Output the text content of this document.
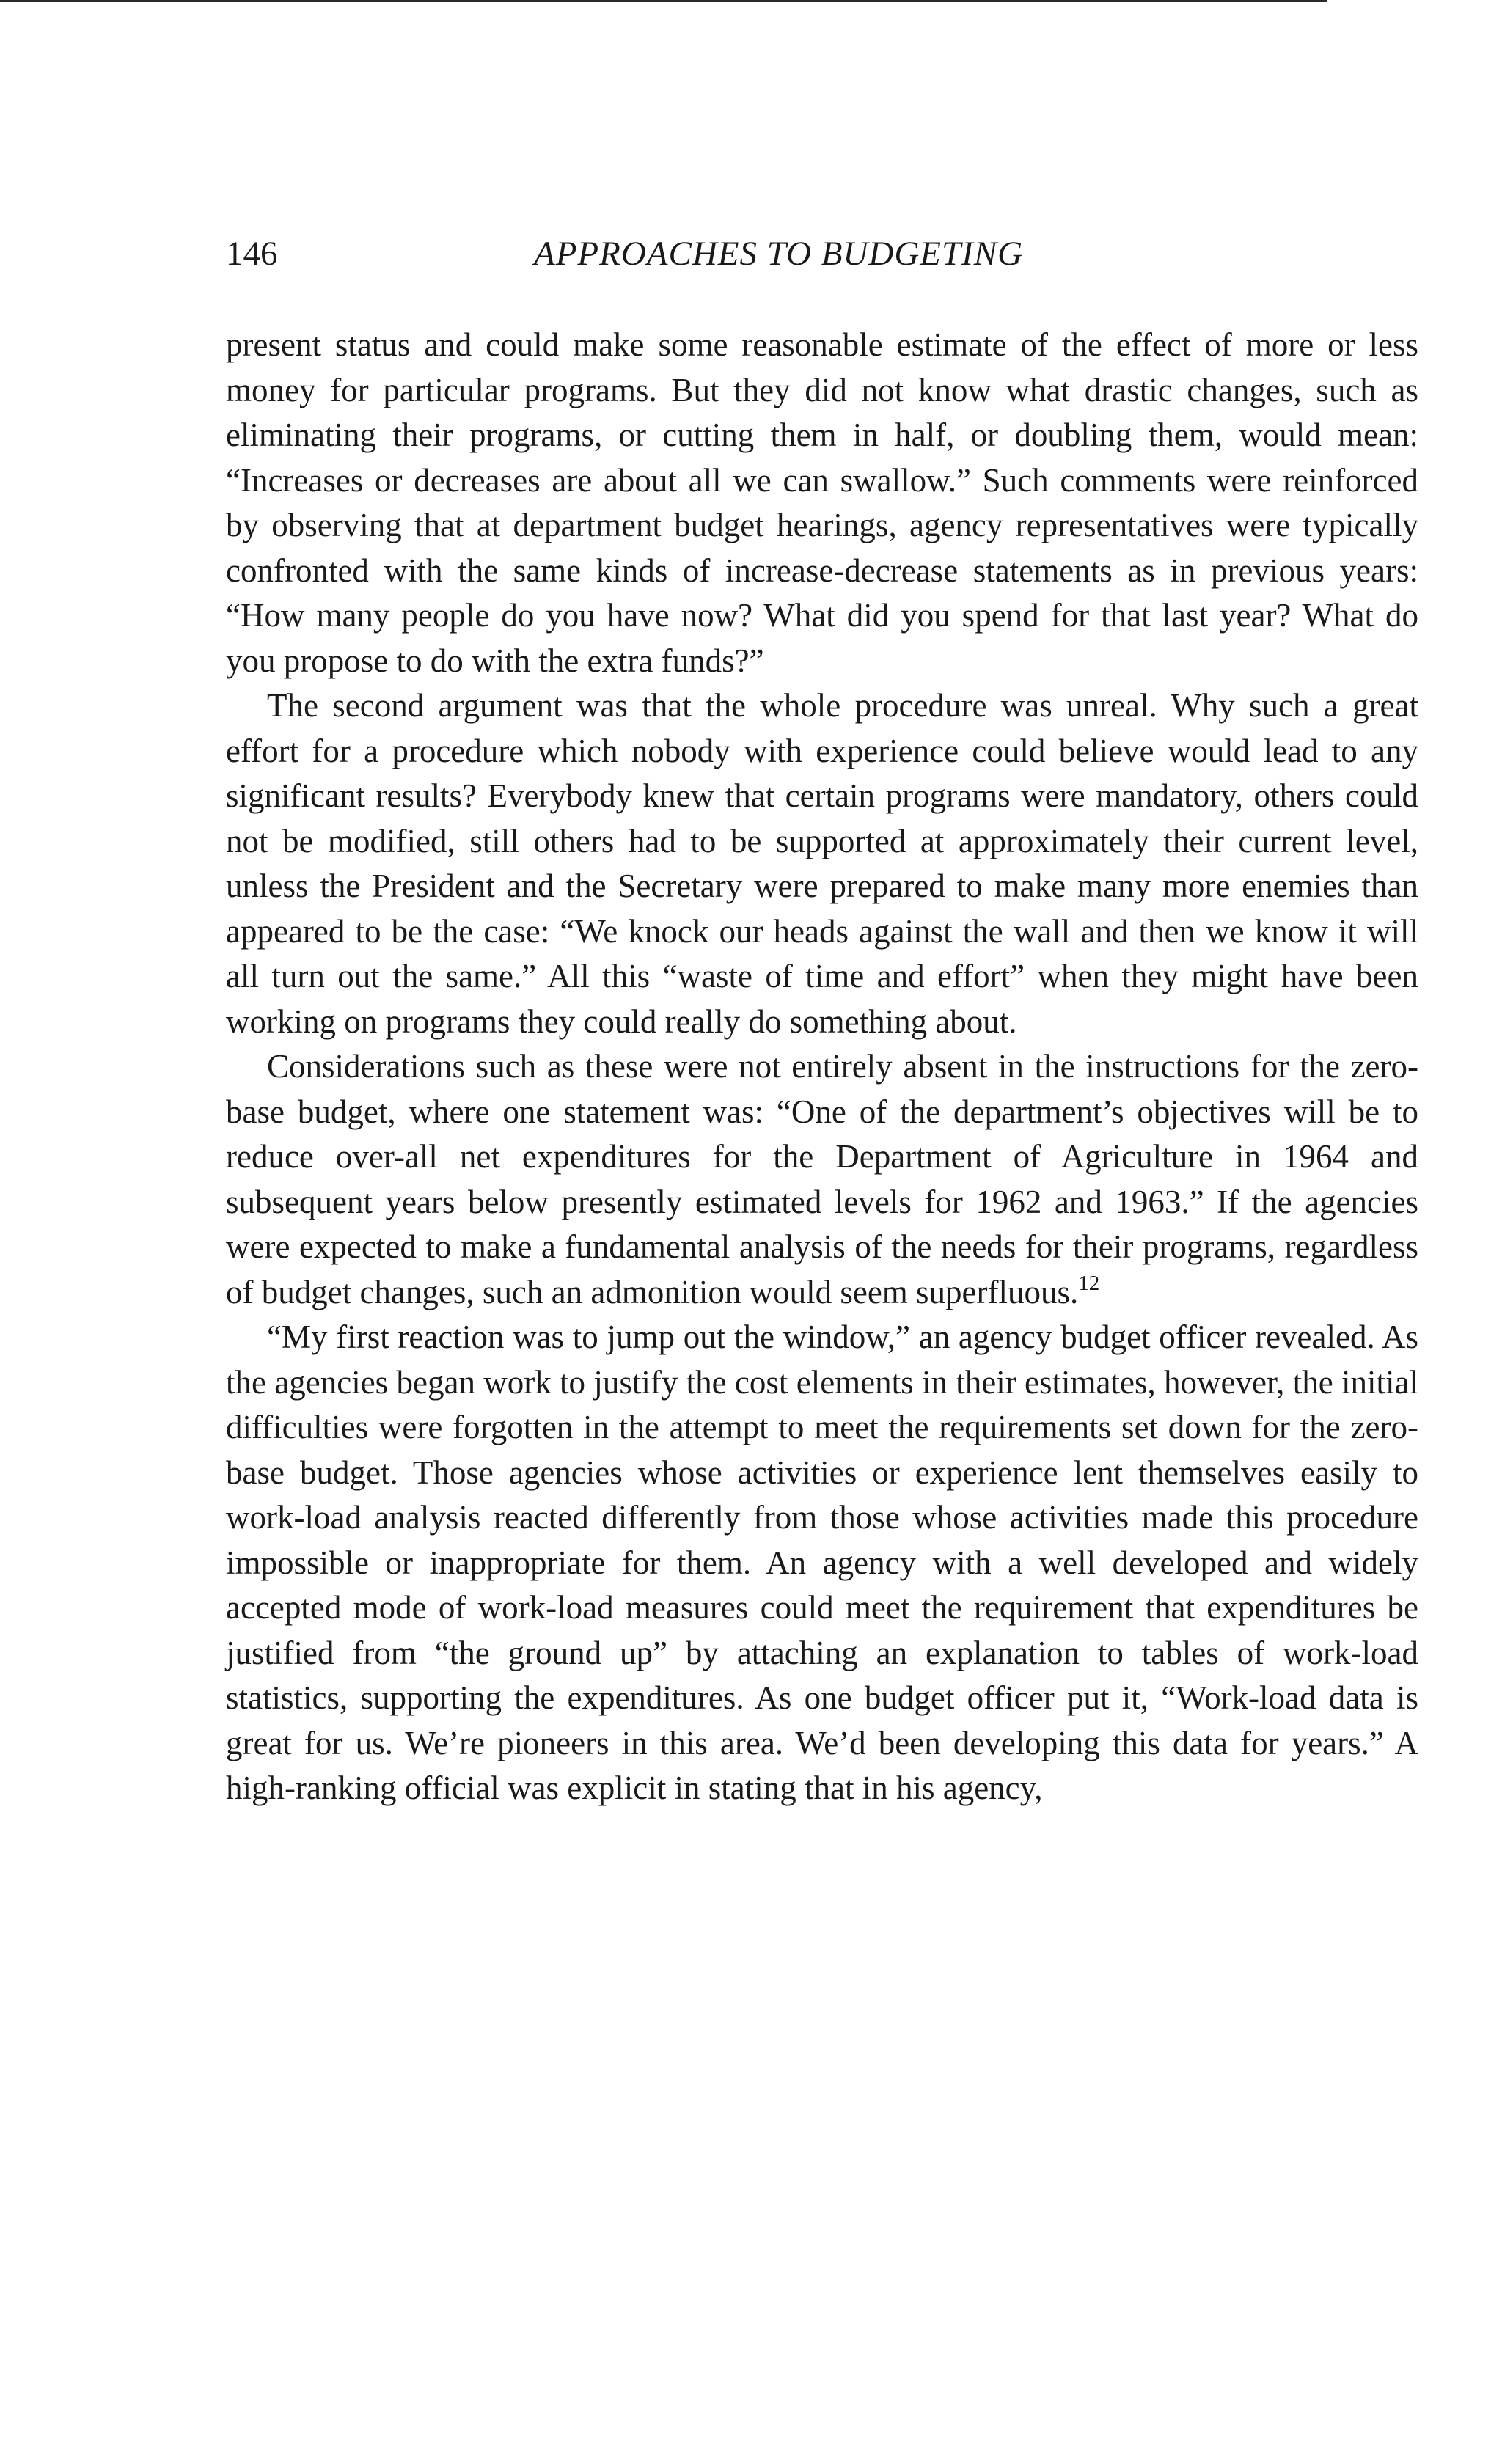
146	APPROACHES TO BUDGETING

present status and could make some reasonable estimate of the effect of more or less money for particular programs. But they did not know what drastic changes, such as eliminating their programs, or cutting them in half, or doubling them, would mean: “Increases or decreases are about all we can swallow.” Such comments were reinforced by observing that at department budget hearings, agency representatives were typically confronted with the same kinds of increase-decrease statements as in previous years: “How many people do you have now? What did you spend for that last year? What do you propose to do with the extra funds?”

The second argument was that the whole procedure was unreal. Why such a great effort for a procedure which nobody with experience could believe would lead to any significant results? Everybody knew that certain programs were mandatory, others could not be modified, still others had to be supported at approximately their current level, unless the President and the Secretary were prepared to make many more enemies than appeared to be the case: “We knock our heads against the wall and then we know it will all turn out the same.” All this “waste of time and effort” when they might have been working on programs they could really do something about.

Considerations such as these were not entirely absent in the instructions for the zero-base budget, where one statement was: “One of the department’s objectives will be to reduce over-all net expenditures for the Department of Agriculture in 1964 and subsequent years below presently estimated levels for 1962 and 1963.” If the agencies were expected to make a fundamental analysis of the needs for their programs, regardless of budget changes, such an admonition would seem superfluous.$^{12}$

“My first reaction was to jump out the window,” an agency budget officer revealed. As the agencies began work to justify the cost elements in their estimates, however, the initial difficulties were forgotten in the attempt to meet the requirements set down for the zero-base budget. Those agencies whose activities or experience lent themselves easily to work-load analysis reacted differently from those whose activities made this procedure impossible or inappropriate for them. An agency with a well developed and widely accepted mode of work-load measures could meet the requirement that expenditures be justified from “the ground up” by attaching an explanation to tables of work-load statistics, supporting the expenditures. As one budget officer put it, “Work-load data is great for us. We’re pioneers in this area. We’d been developing this data for years.” A high-ranking official was explicit in stating that in his agency,
